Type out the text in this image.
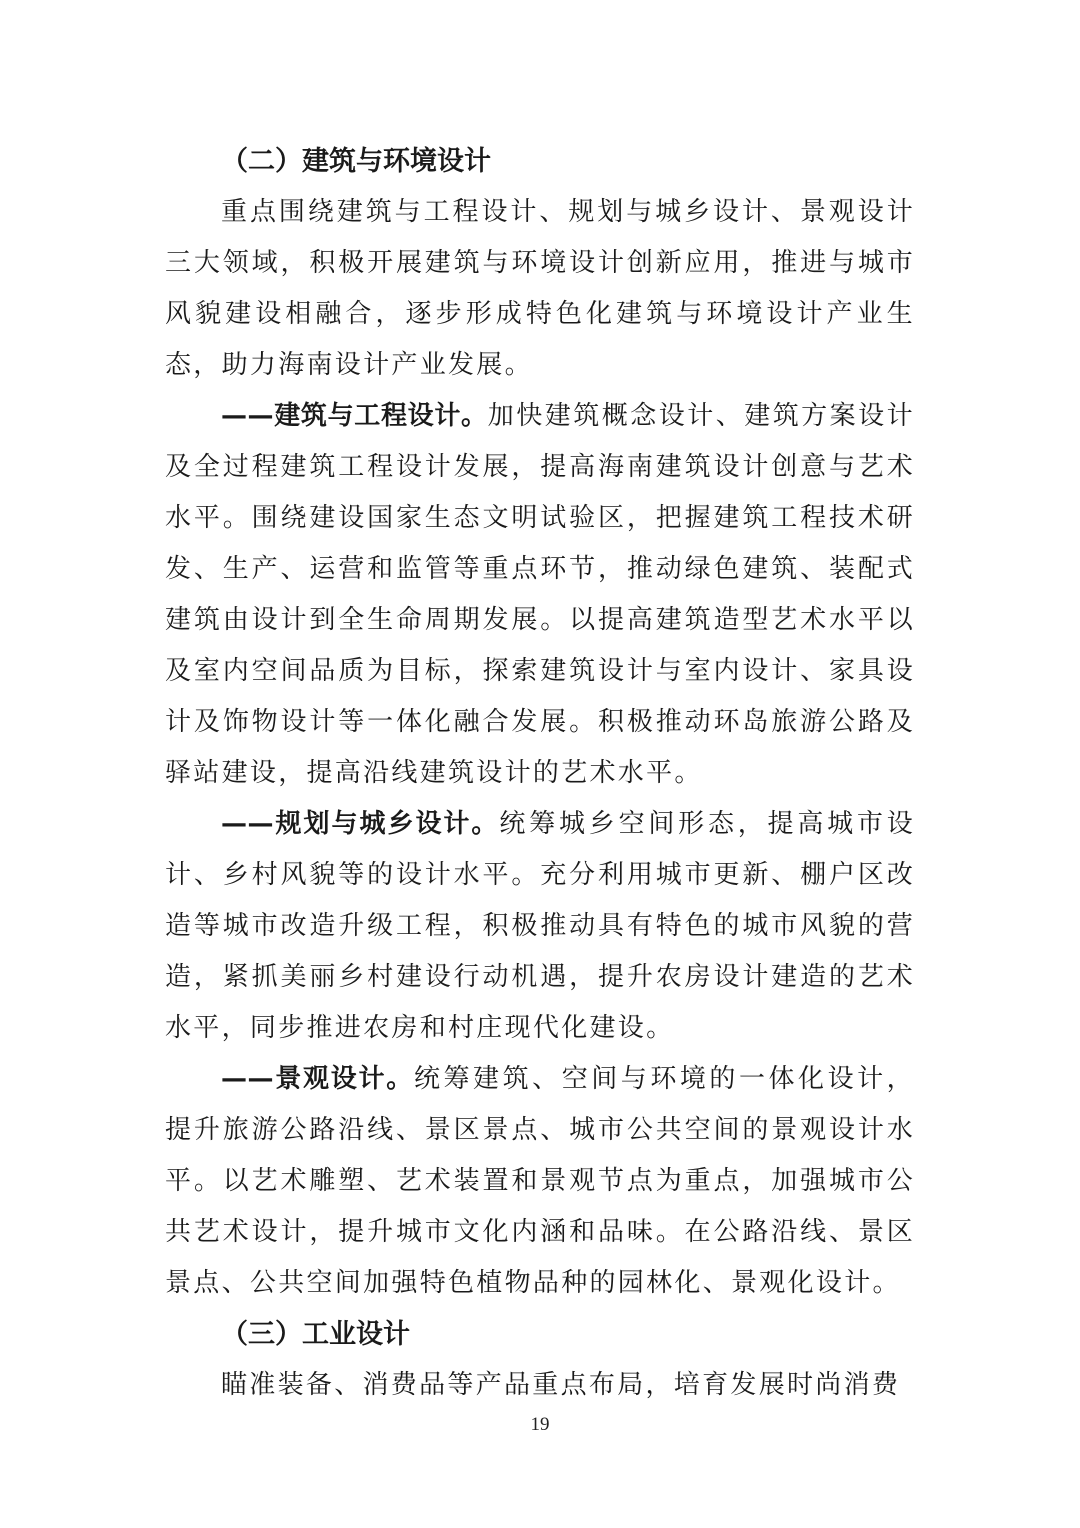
（二）建筑与环境设计

重点围绕建筑与工程设计、规划与城乡设计、景观设计三大领域，积极开展建筑与环境设计创新应用，推进与城市风貌建设相融合，逐步形成特色化建筑与环境设计产业生态，助力海南设计产业发展。

——建筑与工程设计。加快建筑概念设计、建筑方案设计及全过程建筑工程设计发展，提高海南建筑设计创意与艺术水平。围绕建设国家生态文明试验区，把握建筑工程技术研发、生产、运营和监管等重点环节，推动绿色建筑、装配式建筑由设计到全生命周期发展。以提高建筑造型艺术水平以及室内空间品质为目标，探索建筑设计与室内设计、家具设计及饰物设计等一体化融合发展。积极推动环岛旅游公路及驿站建设，提高沿线建筑设计的艺术水平。

——规划与城乡设计。统筹城乡空间形态，提高城市设计、乡村风貌等的设计水平。充分利用城市更新、棚户区改造等城市改造升级工程，积极推动具有特色的城市风貌的营造，紧抓美丽乡村建设行动机遇，提升农房设计建造的艺术水平，同步推进农房和村庄现代化建设。

——景观设计。统筹建筑、空间与环境的一体化设计，提升旅游公路沿线、景区景点、城市公共空间的景观设计水平。以艺术雕塑、艺术装置和景观节点为重点，加强城市公共艺术设计，提升城市文化内涵和品味。在公路沿线、景区景点、公共空间加强特色植物品种的园林化、景观化设计。

（三）工业设计

瞄准装备、消费品等产品重点布局，培育发展时尚消费

19
